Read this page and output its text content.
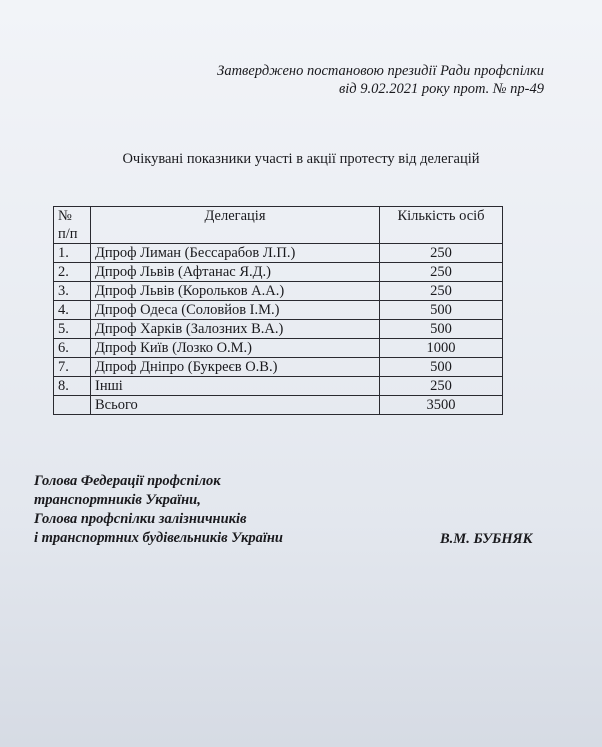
Затверджено постановою президії Ради профспілки
від 9.02.2021 року прот. № пр-49
Очікувані показники участі в акції протесту від делегацій
№
п/п	Делегація	Кількість осіб
1.	Дпроф Лиман (Бессарабов Л.П.)	250
2.	Дпроф Львів (Афтанас Я.Д.)	250
3.	Дпроф Львів (Корольков А.А.)	250
4.	Дпроф Одеса (Соловйов І.М.)	500
5.	Дпроф Харків (Залозних В.А.)	500
6.	Дпроф Київ (Лозко О.М.)	1000
7.	Дпроф Дніпро (Букреєв О.В.)	500
8.	Інші	250
	Всього	3500
Голова Федерації профспілок
транспортників України,
Голова профспілки залізничників
і транспортних будівельників України	В.М. БУБНЯК
